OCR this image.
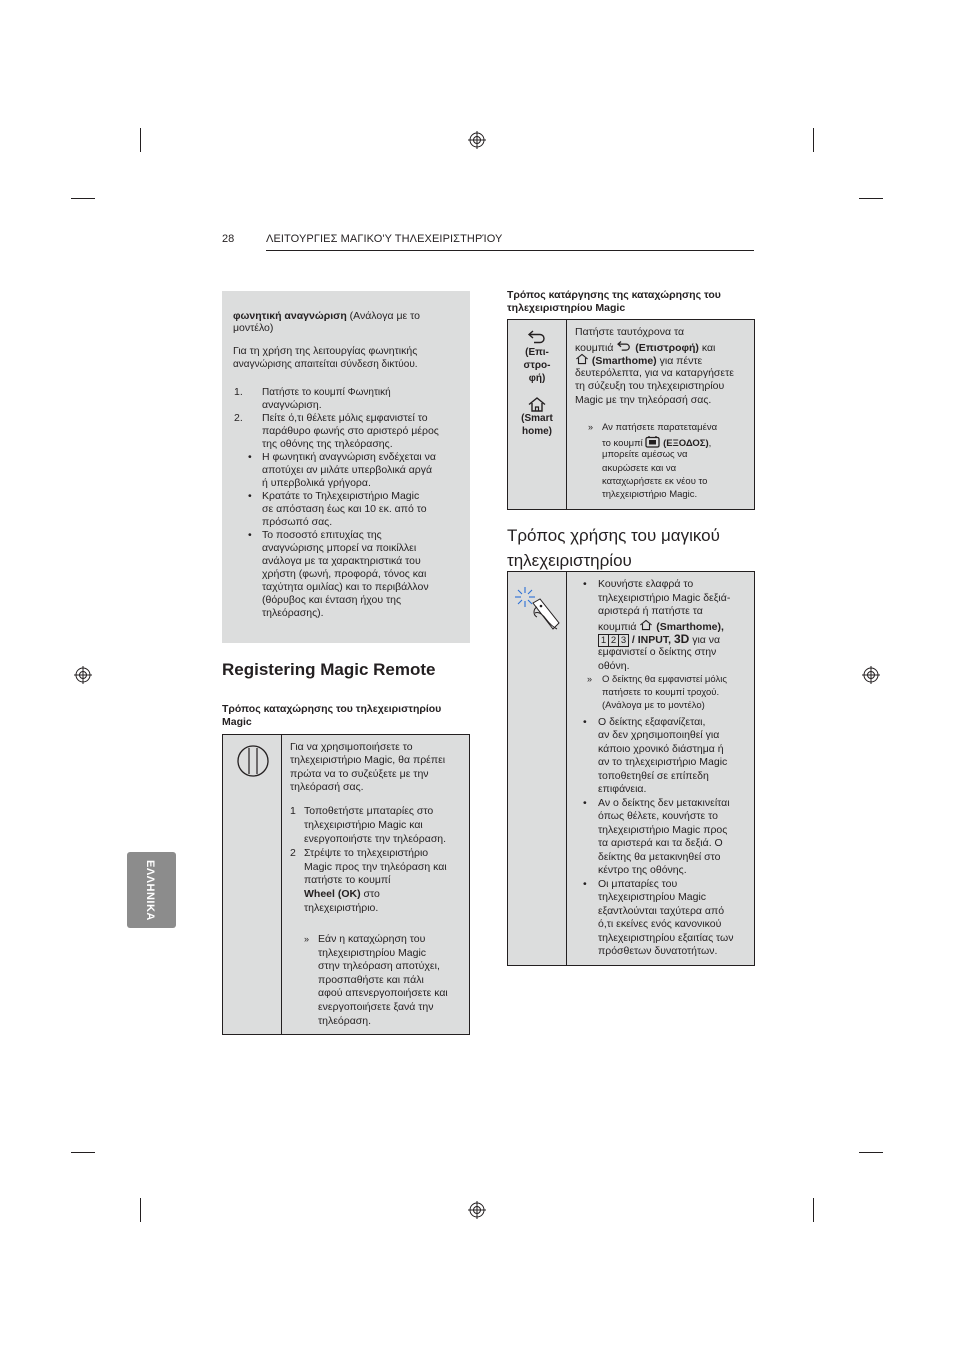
28	ΛΕΙΤΟΥΡΓΙΕΣ ΜΑΓΙΚΟ'Υ ΤΗΛΕΧΕΙΡΙΣΤΗΡΊΟΥ
ΕΛΛΗΝΙΚΑ
φωνητική αναγνώριση (Ανάλογα με το
μοντέλο)
Για τη χρήση της λειτουργίας φωνητικής
αναγνώρισης απαιτείται σύνδεση δικτύου.
1. Πατήστε το κουμπί Φωνητική
αναγνώριση.
2. Πείτε ό,τι θέλετε μόλις εμφανιστεί το
παράθυρο φωνής στο αριστερό μέρος
της οθόνης της τηλεόρασης.
• Η φωνητική αναγνώριση ενδέχεται να
αποτύχει αν μιλάτε υπερβολικά αργά
ή υπερβολικά γρήγορα.
• Κρατάτε το Τηλεχειριστήριο Magic
σε απόσταση έως και 10 εκ. από το
πρόσωπό σας.
• Το ποσοστό επιτυχίας της
αναγνώρισης μπορεί να ποικίλλει
ανάλογα με τα χαρακτηριστικά του
χρήστη (φωνή, προφορά, τόνος και
ταχύτητα ομιλίας) και το περιβάλλον
(θόρυβος και ένταση ήχου της
τηλεόρασης).
Registering Magic Remote
Τρόπος καταχώρησης του τηλεχειριστηρίου
Magic

Για να χρησιμοποιήσετε το
τηλεχειριστήριο Magic, θα πρέπει
πρώτα να το συζεύξετε με την
τηλεόρασή σας.
1 Τοποθετήστε μπαταρίες στο
τηλεχειριστήριο Magic και
ενεργοποιήστε την τηλεόραση.
2 Στρέψτε το τηλεχειριστήριο
Magic προς την τηλεόραση και
πατήστε το κουμπί
Wheel (OK) στο
τηλεχειριστήριο.
» Εάν η καταχώρηση του
τηλεχειριστηρίου Magic
στην τηλεόραση αποτύχει,
προσπαθήστε και πάλι
αφού απενεργοποιήσετε και
ενεργοποιήσετε ξανά την
τηλεόραση.
Τρόπος κατάργησης της καταχώρησης του
τηλεχειριστηρίου Magic
(Επι-
στρο-
φή)
(Smart
home)

Πατήστε ταυτόχρονα τα
κουμπιά  (Επιστροφή) και
(Smarthome) για πέντε
δευτερόλεπτα, για να καταργήσετε
τη σύζευξη του τηλεχειριστηρίου
Magic με την τηλεόρασή σας.
» Αν πατήσετε παρατεταμένα
το κουμπί  (ΕΞΟΔΟΣ),
μπορείτε αμέσως να
ακυρώσετε και να
καταχωρήσετε εκ νέου το
τηλεχειριστήριο Magic.
Τρόπος χρήσης του μαγικού
τηλεχειριστηρίου

• Κουνήστε ελαφρά το
τηλεχειριστήριο Magic δεξιά-
αριστερά ή πατήστε τα
κουμπιά  (Smarthome),
1 2 3 / INPUT, 3D για να
εμφανιστεί ο δείκτης στην
οθόνη.
» Ο δείκτης θα εμφανιστεί μόλις
πατήσετε το κουμπί τροχού.
(Ανάλογα με το μοντέλο)
• Ο δείκτης εξαφανίζεται,
αν δεν χρησιμοποιηθεί για
κάποιο χρονικό διάστημα ή
αν το τηλεχειριστήριο Magic
τοποθετηθεί σε επίπεδη
επιφάνεια.
• Αν ο δείκτης δεν μετακινείται
όπως θέλετε, κουνήστε το
τηλεχειριστήριο Magic προς
τα αριστερά και τα δεξιά. Ο
δείκτης θα μετακινηθεί στο
κέντρο της οθόνης.
• Οι μπαταρίες του
τηλεχειριστηρίου Magic
εξαντλούνται ταχύτερα από
ό,τι εκείνες ενός κανονικού
τηλεχειριστηρίου εξαιτίας των
πρόσθετων δυνατοτήτων.
